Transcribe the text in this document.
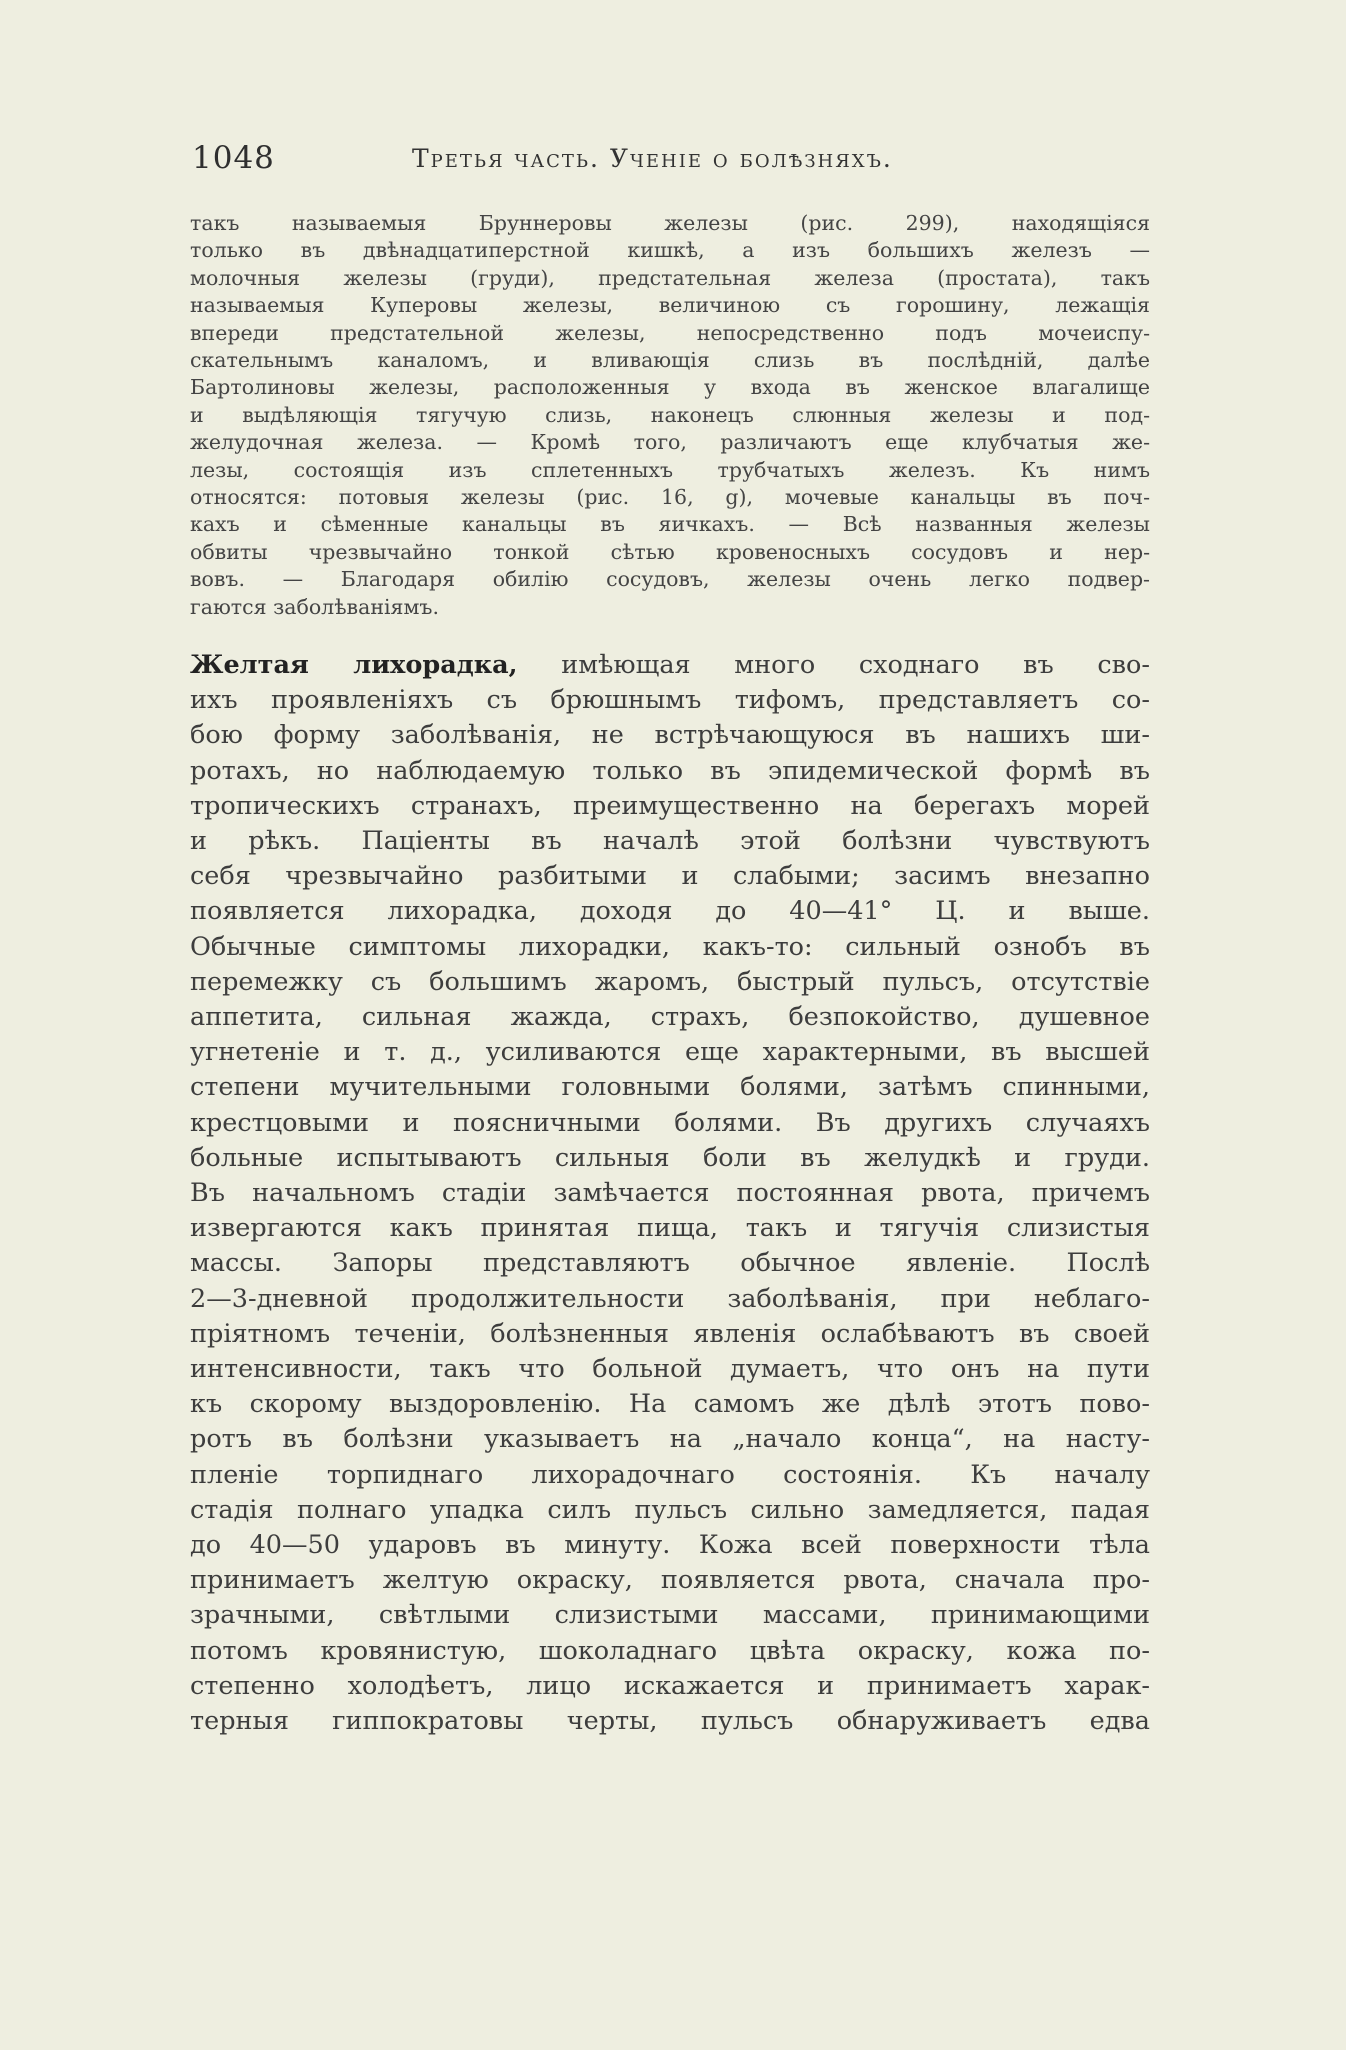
1048	Третья часть. Ученіе о болѣзняхъ.
такъ называемыя Бруннеровы железы (рис. 299), находящіяся
только въ двѣнадцатиперстной кишкѣ, а изъ большихъ железъ —
молочныя железы (груди), предстательная железа (простата), такъ
называемыя Куперовы железы, величиною съ горошину, лежащія
впереди предстательной железы, непосредственно подъ мочеиспу-
скательнымъ каналомъ, и вливающія слизь въ послѣдній, далѣе
Бартолиновы железы, расположенныя у входа въ женское влагалище
и выдѣляющія тягучую слизь, наконецъ слюнныя железы и под-
желудочная железа. — Кромѣ того, различаютъ еще клубчатыя же-
лезы, состоящія изъ сплетенныхъ трубчатыхъ железъ. Къ нимъ
относятся: потовыя железы (рис. 16, g), мочевые канальцы въ поч-
кахъ и сѣменные канальцы въ яичкахъ. — Всѣ названныя железы
обвиты чрезвычайно тонкой сѣтью кровеносныхъ сосудовъ и нер-
вовъ. — Благодаря обилію сосудовъ, железы очень легко подвер-
гаются заболѣваніямъ.
Желтая лихорадка, имѣющая много сходнаго въ сво-
ихъ проявленіяхъ съ брюшнымъ тифомъ, представляетъ со-
бою форму заболѣванія, не встрѣчающуюся въ нашихъ ши-
ротахъ, но наблюдаемую только въ эпидемической формѣ въ
тропическихъ странахъ, преимущественно на берегахъ морей
и рѣкъ. Паціенты въ началѣ этой болѣзни чувствуютъ
себя чрезвычайно разбитыми и слабыми; засимъ внезапно
появляется лихорадка, доходя до 40—41° Ц. и выше.
Обычные симптомы лихорадки, какъ-то: сильный ознобъ въ
перемежку съ большимъ жаромъ, быстрый пульсъ, отсутствіе
аппетита, сильная жажда, страхъ, безпокойство, душевное
угнетеніе и т. д., усиливаются еще характерными, въ высшей
степени мучительными головными болями, затѣмъ спинными,
крестцовыми и поясничными болями. Въ другихъ случаяхъ
больные испытываютъ сильныя боли въ желудкѣ и груди.
Въ начальномъ стадіи замѣчается постоянная рвота, причемъ
извергаются какъ принятая пища, такъ и тягучія слизистыя
массы. Запоры представляютъ обычное явленіе. Послѣ
2—3-дневной продолжительности заболѣванія, при неблаго-
пріятномъ теченіи, болѣзненныя явленія ослабѣваютъ въ своей
интенсивности, такъ что больной думаетъ, что онъ на пути
къ скорому выздоровленію. На самомъ же дѣлѣ этотъ пово-
ротъ въ болѣзни указываетъ на „начало конца“, на насту-
пленіе торпиднаго лихорадочнаго состоянія. Къ началу
стадія полнаго упадка силъ пульсъ сильно замедляется, падая
до 40—50 ударовъ въ минуту. Кожа всей поверхности тѣла
принимаетъ желтую окраску, появляется рвота, сначала про-
зрачными, свѣтлыми слизистыми массами, принимающими
потомъ кровянистую, шоколаднаго цвѣта окраску, кожа по-
степенно холодѣетъ, лицо искажается и принимаетъ харак-
терныя гиппократовы черты, пульсъ обнаруживаетъ едва
